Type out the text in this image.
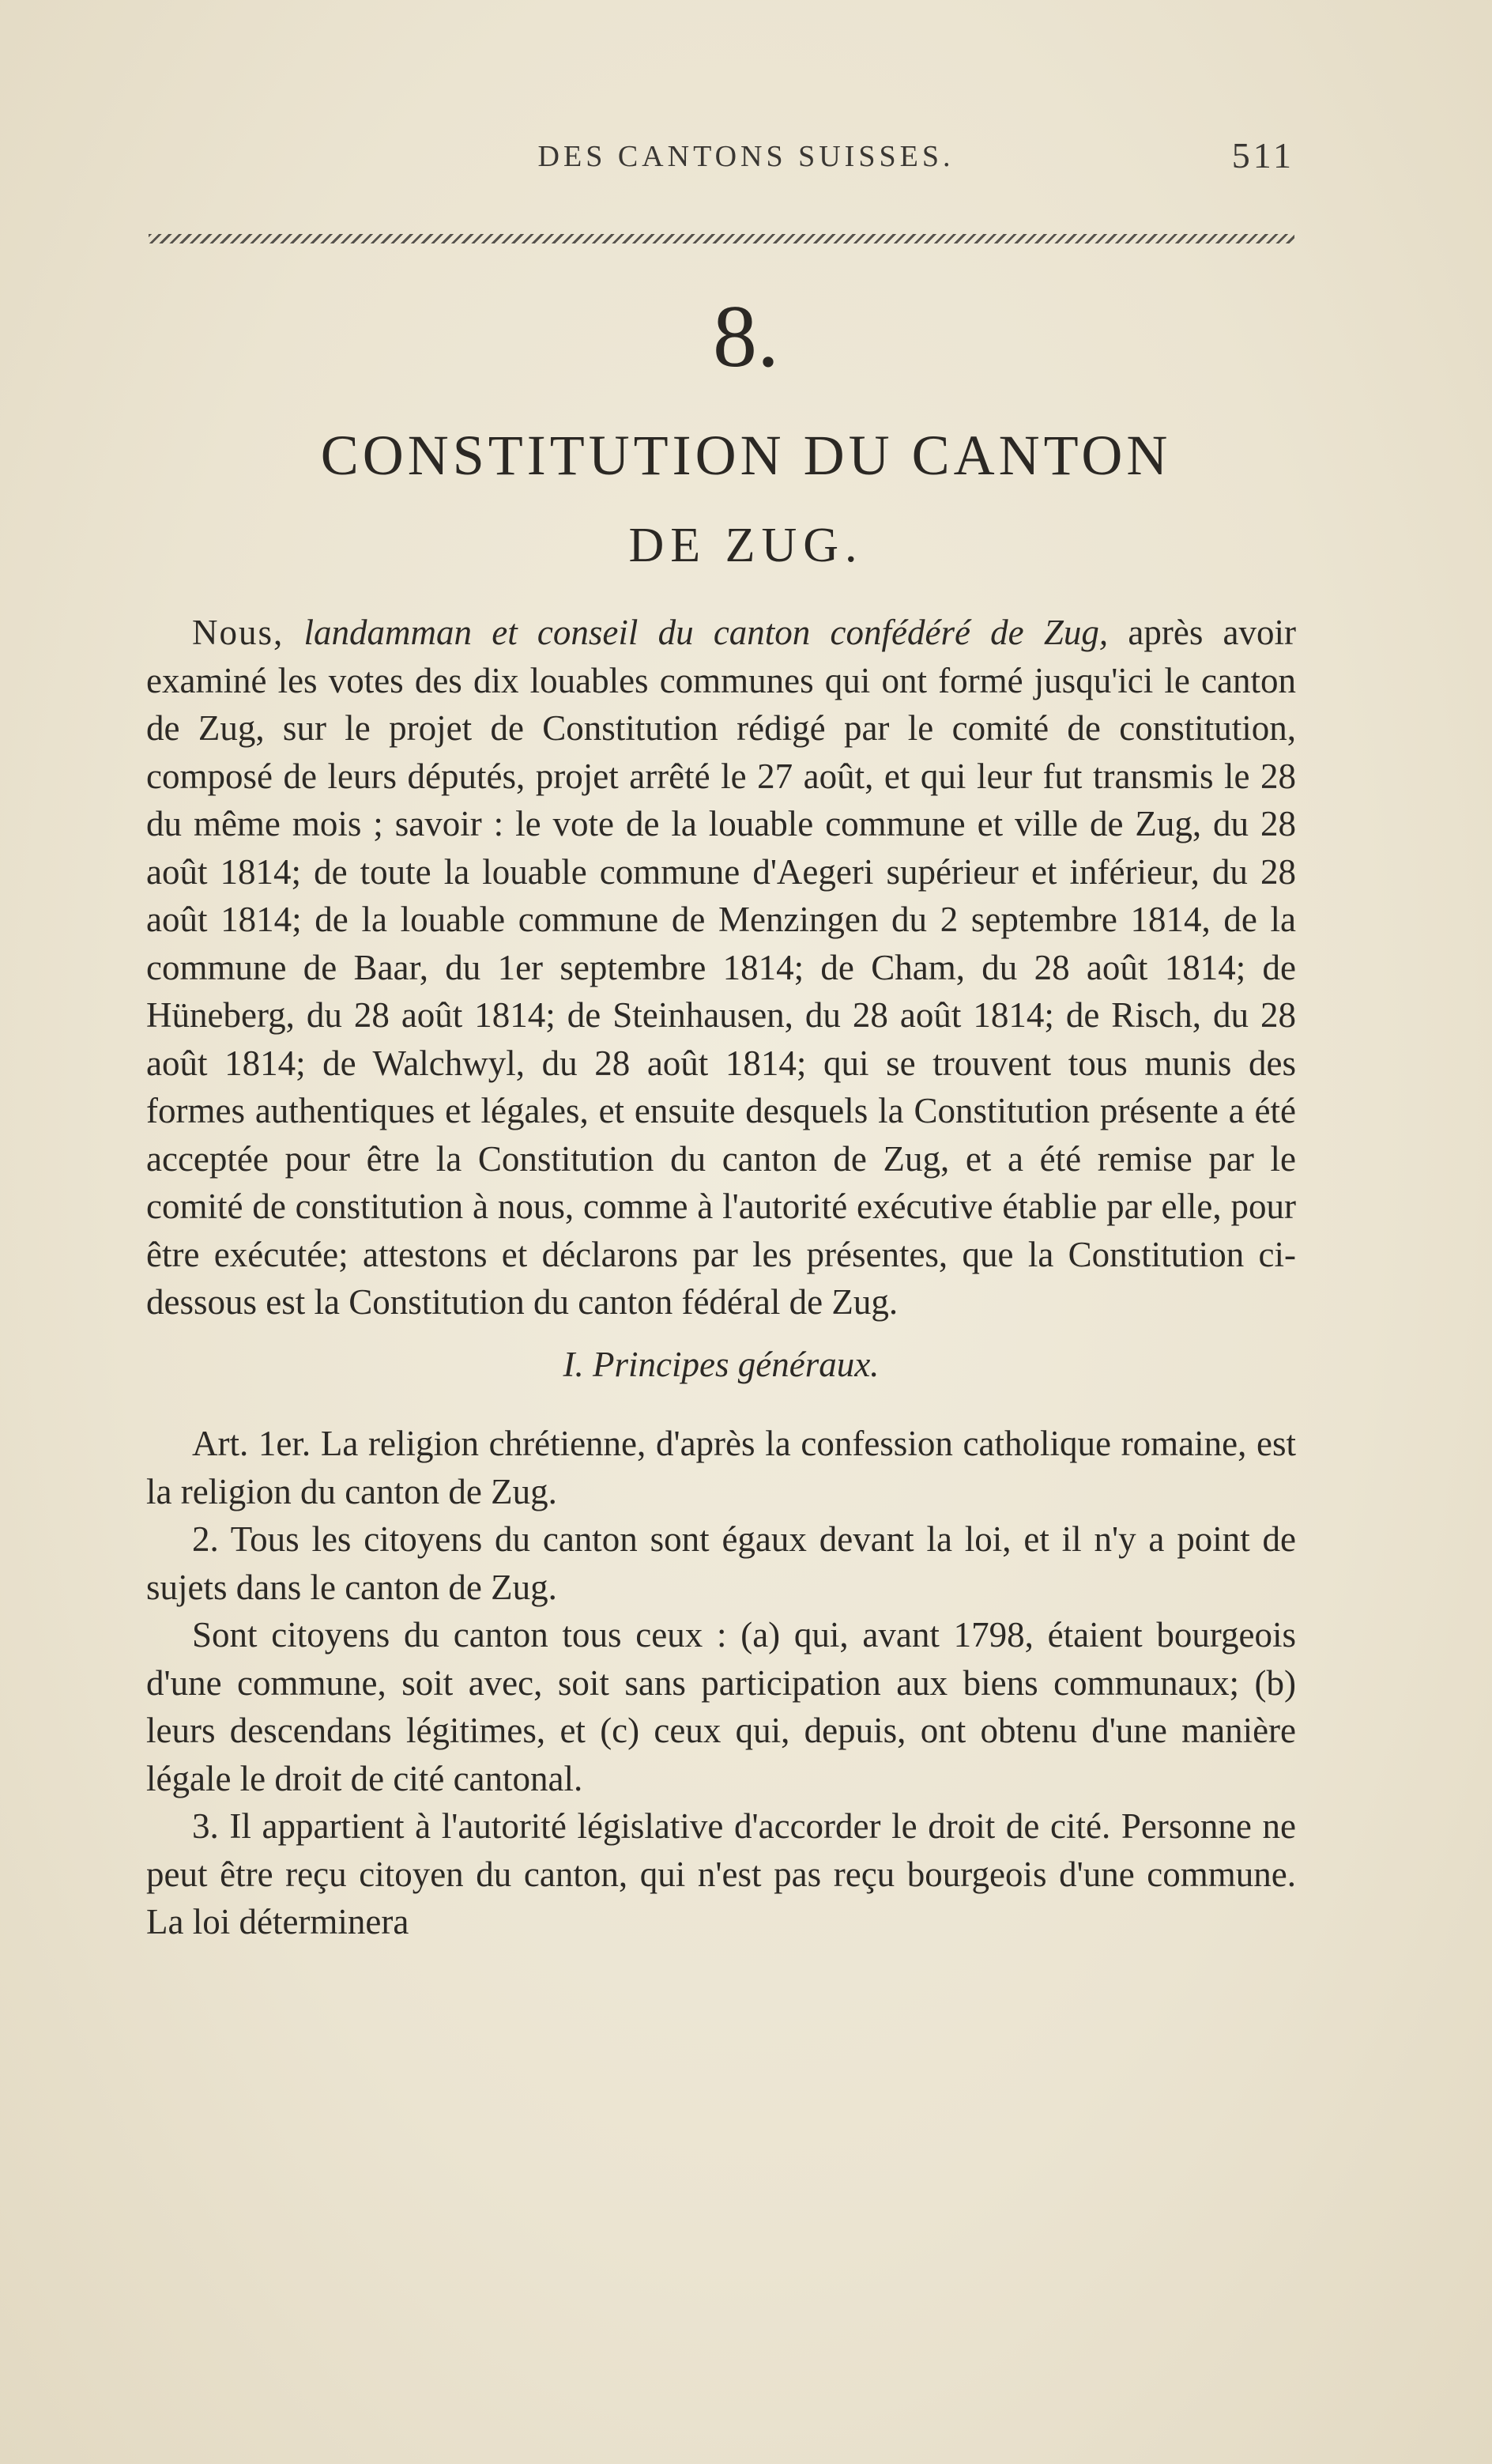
DES CANTONS SUISSES.	511
8.
CONSTITUTION DU CANTON
DE ZUG.

Nous, landamman et conseil du canton confédéré de Zug, après avoir examiné les votes des dix louables communes qui ont formé jusqu'ici le canton de Zug, sur le projet de Constitution rédigé par le comité de constitution, composé de leurs députés, projet arrêté le 27 août, et qui leur fut transmis le 28 du même mois ; savoir : le vote de la louable commune et ville de Zug, du 28 août 1814; de toute la louable commune d'Aegeri supérieur et inférieur, du 28 août 1814; de la louable commune de Menzingen du 2 septembre 1814, de la commune de Baar, du 1er septembre 1814; de Cham, du 28 août 1814; de Hüneberg, du 28 août 1814; de Steinhausen, du 28 août 1814; de Risch, du 28 août 1814; de Walchwyl, du 28 août 1814; qui se trouvent tous munis des formes authentiques et légales, et ensuite desquels la Constitution présente a été acceptée pour être la Constitution du canton de Zug, et a été remise par le comité de constitution à nous, comme à l'autorité exécutive établie par elle, pour être exécutée; attestons et déclarons par les présentes, que la Constitution ci-dessous est la Constitution du canton fédéral de Zug.

I. Principes généraux.

Art. 1er. La religion chrétienne, d'après la confession catholique romaine, est la religion du canton de Zug.

2. Tous les citoyens du canton sont égaux devant la loi, et il n'y a point de sujets dans le canton de Zug.

Sont citoyens du canton tous ceux : (a) qui, avant 1798, étaient bourgeois d'une commune, soit avec, soit sans participation aux biens communaux; (b) leurs descendans légitimes, et (c) ceux qui, depuis, ont obtenu d'une manière légale le droit de cité cantonal.

3. Il appartient à l'autorité législative d'accorder le droit de cité. Personne ne peut être reçu citoyen du canton, qui n'est pas reçu bourgeois d'une commune. La loi déterminera
